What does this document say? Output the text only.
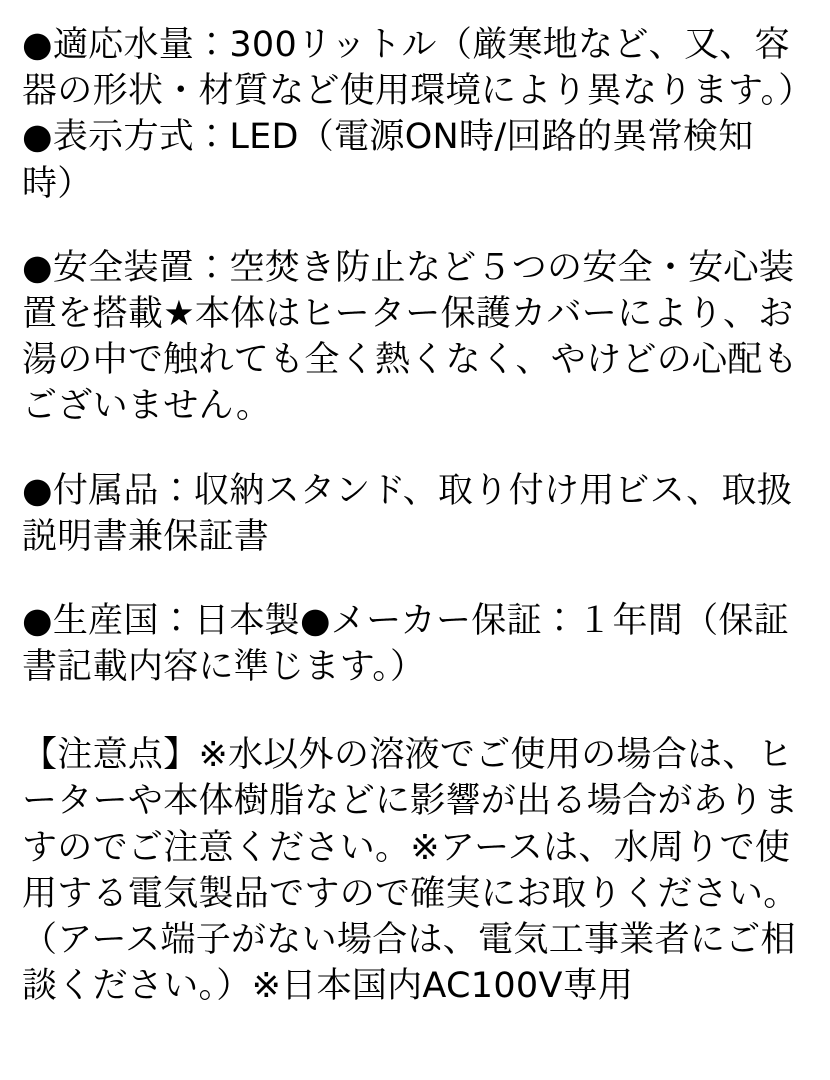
●適応水量：300リットル（厳寒地など、又、容器の形状・材質など使用環境により異なります。）●表示方式：LED（電源ON時/回路的異常検知時）

●安全装置：空焚き防止など５つの安全・安心装置を搭載★本体はヒーター保護カバーにより、お湯の中で触れても全く熱くなく、やけどの心配もございません。

●付属品：収納スタンド、取り付け用ビス、取扱説明書兼保証書

●生産国：日本製●メーカー保証：１年間（保証書記載内容に準じます。）

【注意点】※水以外の溶液でご使用の場合は、ヒーターや本体樹脂などに影響が出る場合がありますのでご注意ください。※アースは、水周りで使用する電気製品ですので確実にお取りください。（アース端子がない場合は、電気工事業者にご相談ください。）※日本国内AC100V専用
